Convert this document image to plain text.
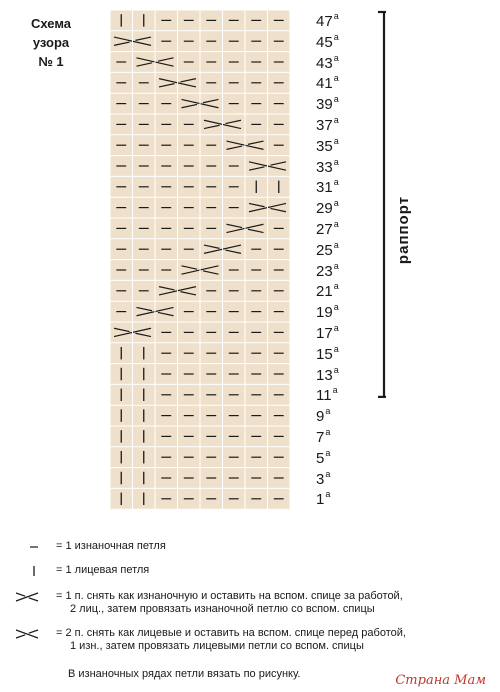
Схема
узора
№ 1
47$^a$
45$^a$
43$^a$
41$^a$
39$^a$
37$^a$
35$^a$
33$^a$
31$^a$
29$^a$
27$^a$
25$^a$
23$^a$
21$^a$
19$^a$
17$^a$
15$^a$
13$^a$
11$^a$
9$^a$
7$^a$
5$^a$
3$^a$
1$^a$
раппорт
= 1 изнаночная петля
= 1 лицевая петля
= 1 п. снять как изнаночную и оставить на вспом. спице за работой,
2 лиц., затем провязать изнаночной петлю со вспом. спицы
= 2 п. снять как лицевые и оставить на вспом. спице перед работой,
1 изн., затем провязать лицевыми петли со вспом. спицы
В изнаночных рядах петли вязать по рисунку.	Страна Мам
